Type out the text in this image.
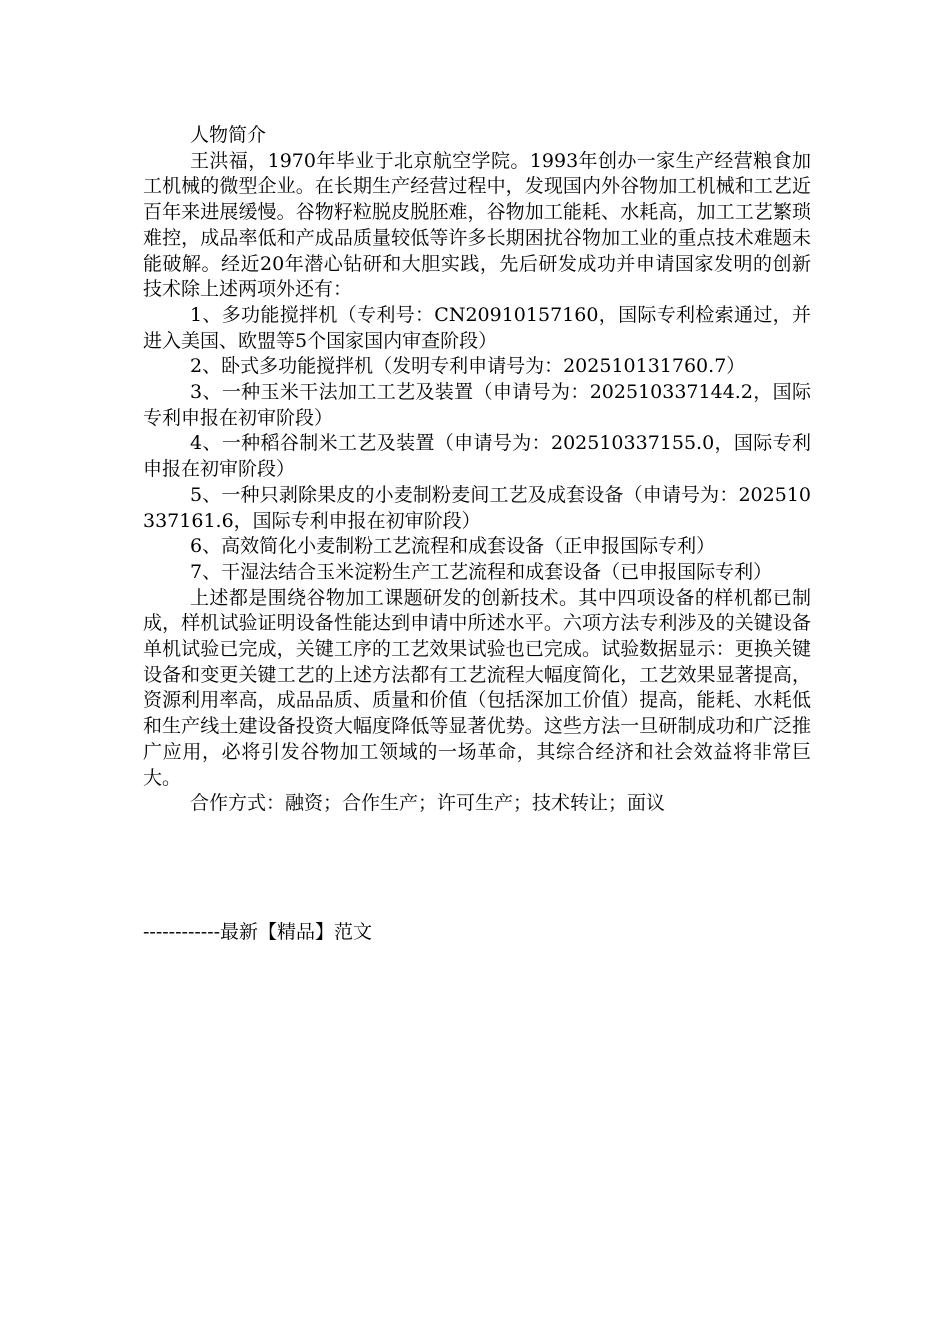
人物简介

王洪福，1970年毕业于北京航空学院。1993年创办一家生产经营粮食加工机械的微型企业。在长期生产经营过程中，发现国内外谷物加工机械和工艺近百年来进展缓慢。谷物籽粒脱皮脱胚难，谷物加工能耗、水耗高，加工工艺繁琐难控，成品率低和产成品质量较低等许多长期困扰谷物加工业的重点技术难题未能破解。经近20年潜心钻研和大胆实践，先后研发成功并申请国家发明的创新技术除上述两项外还有：

1、多功能搅拌机（专利号：CN20910157160，国际专利检索通过，并进入美国、欧盟等5个国家国内审查阶段）

2、卧式多功能搅拌机（发明专利申请号为：202510131760.7）

3、一种玉米干法加工工艺及装置（申请号为：202510337144.2，国际专利申报在初审阶段）

4、一种稻谷制米工艺及装置（申请号为：202510337155.0，国际专利申报在初审阶段）

5、一种只剥除果皮的小麦制粉麦间工艺及成套设备（申请号为：202510337161.6，国际专利申报在初审阶段）

6、高效简化小麦制粉工艺流程和成套设备（正申报国际专利）

7、干湿法结合玉米淀粉生产工艺流程和成套设备（已申报国际专利）

上述都是围绕谷物加工课题研发的创新技术。其中四项设备的样机都已制成，样机试验证明设备性能达到申请中所述水平。六项方法专利涉及的关键设备单机试验已完成，关键工序的工艺效果试验也已完成。试验数据显示：更换关键设备和变更关键工艺的上述方法都有工艺流程大幅度简化，工艺效果显著提高，资源利用率高，成品品质、质量和价值（包括深加工价值）提高，能耗、水耗低和生产线土建设备投资大幅度降低等显著优势。这些方法一旦研制成功和广泛推广应用，必将引发谷物加工领域的一场革命，其综合经济和社会效益将非常巨大。

合作方式：融资；合作生产；许可生产；技术转让；面议

------------最新【精品】范文
